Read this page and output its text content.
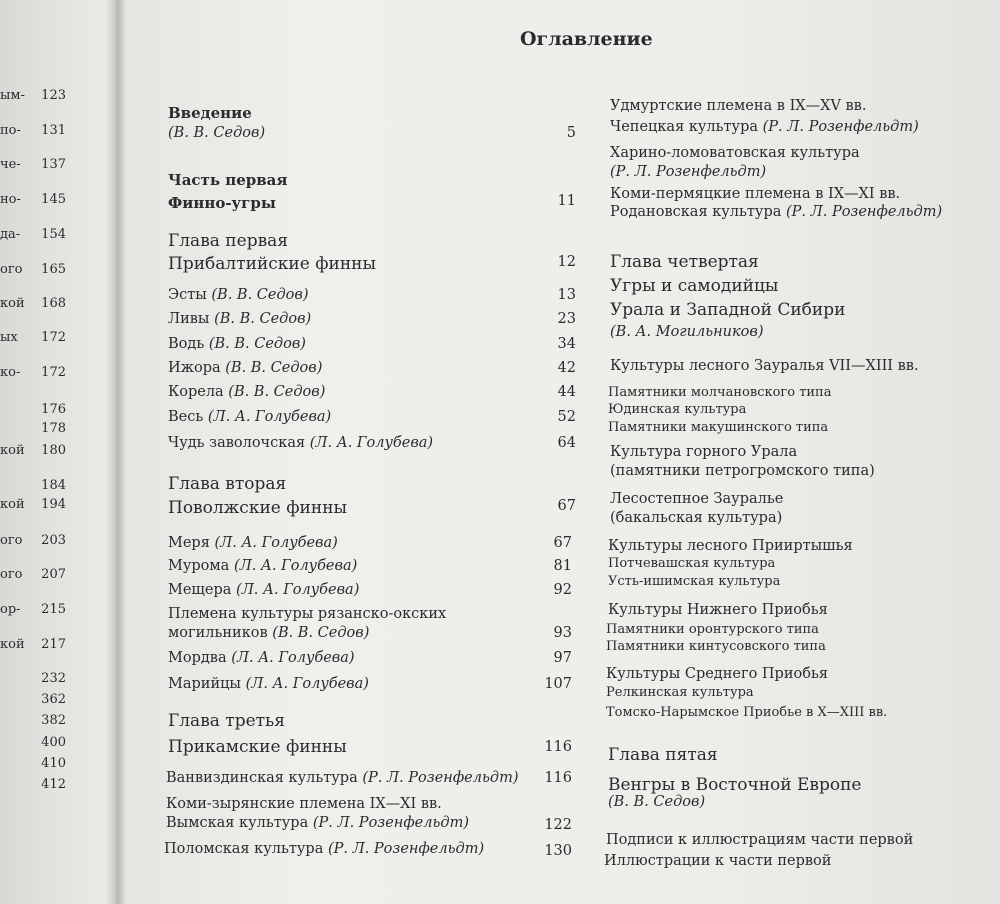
ым-	123
по-	131
че-	137
но-	145
да-	154
ого	165
кой	168
ых	172
ко-	172
176
178
кой	180
184
кой	194
ого	203
ого	207
ор-	215
кой	217
232
362
382
400
410
412
Оглавление
Введение
(В. В. Седов)	5
Часть первая
Финно-угры	11
Глава первая
Прибалтийские финны	12
Эсты (В. В. Седов)	13
Ливы (В. В. Седов)	23
Водь (В. В. Седов)	34
Ижора (В. В. Седов)	42
Корела (В. В. Седов)	44
Весь (Л. А. Голубева)	52
Чудь заволочская (Л. А. Голубева)	64
Глава вторая
Поволжские финны	67
Меря (Л. А. Голубева)	67
Мурома (Л. А. Голубева)	81
Мещера (Л. А. Голубева)	92
Племена культуры рязанско-окских
могильников (В. В. Седов)	93
Мордва (Л. А. Голубева)	97
Марийцы (Л. А. Голубева)	107
Глава третья
Прикамские финны	116
Ванвиздинская культура (Р. Л. Розенфельдт)	116
Коми-зырянские племена IX—XI вв.
Вымская культура (Р. Л. Розенфельдт)	122
Поломская культура (Р. Л. Розенфельдт)	130
Удмуртские племена в IX—XV вв.
Чепецкая культура (Р. Л. Розенфельдт)
Харино-ломоватовская культура
(Р. Л. Розенфельдт)
Коми-пермяцкие племена в IX—XI вв.
Родановская культура (Р. Л. Розенфельдт)
Глава четвертая
Угры и самодийцы
Урала и Западной Сибири
(В. А. Могильников)
Культуры лесного Зауралья VII—XIII вв.
Памятники молчановского типа
Юдинская культура
Памятники макушинского типа
Культура горного Урала
(памятники петрогромского типа)
Лесостепное Зауралье
(бакальская культура)
Культуры лесного Прииртышья
Потчевашская культура
Усть-ишимская культура
Культуры Нижнего Приобья
Памятники оронтурского типа
Памятники кинтусовского типа
Культуры Среднего Приобья
Релкинская культура
Томско-Нарымское Приобье в X—XIII вв.
Глава пятая
Венгры в Восточной Европе
(В. В. Седов)
Подписи к иллюстрациям части первой
Иллюстрации к части первой
